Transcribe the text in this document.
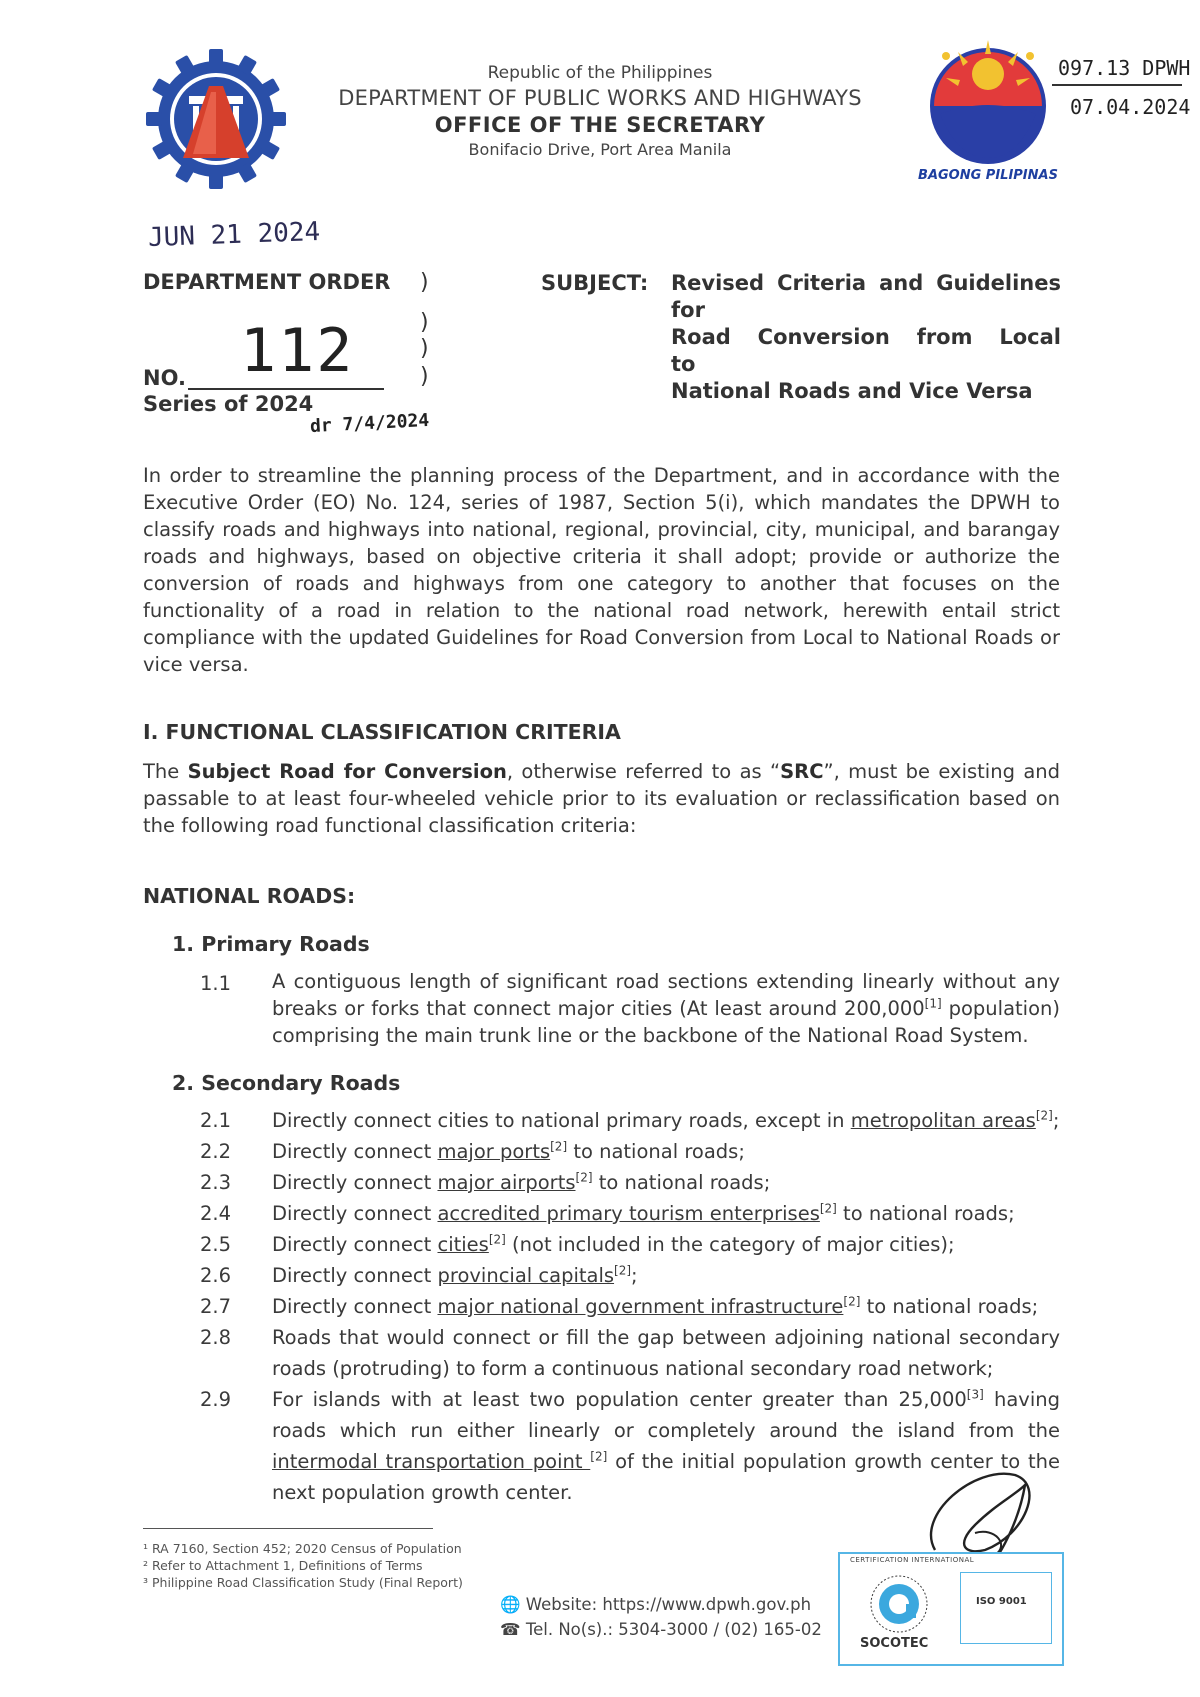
Republic of the Philippines
DEPARTMENT OF PUBLIC WORKS AND HIGHWAYS
OFFICE OF THE SECRETARY
Bonifacio Drive, Port Area Manila
BAGONG PILIPINAS
097.13 DPWH
07.04.2024
JUN 21 2024
DEPARTMENT ORDER )
)
)
)
NO. 112
Series of 2024
dr 7/4/2024
SUBJECT: Revised Criteria and Guidelines for
Road Conversion from Local to
National Roads and Vice Versa
In order to streamline the planning process of the Department, and in accordance with the Executive Order (EO) No. 124, series of 1987, Section 5(i), which mandates the DPWH to classify roads and highways into national, regional, provincial, city, municipal, and barangay roads and highways, based on objective criteria it shall adopt; provide or authorize the conversion of roads and highways from one category to another that focuses on the functionality of a road in relation to the national road network, herewith entail strict compliance with the updated Guidelines for Road Conversion from Local to National Roads or vice versa.
I. FUNCTIONAL CLASSIFICATION CRITERIA
The Subject Road for Conversion, otherwise referred to as “SRC”, must be existing and passable to at least four-wheeled vehicle prior to its evaluation or reclassification based on the following road functional classification criteria:
NATIONAL ROADS:
1. Primary Roads
1.1	A contiguous length of significant road sections extending linearly without any breaks or forks that connect major cities (At least around 200,000[1] population) comprising the main trunk line or the backbone of the National Road System.
2. Secondary Roads
2.1	Directly connect cities to national primary roads, except in metropolitan areas[2];
2.2	Directly connect major ports[2] to national roads;
2.3	Directly connect major airports[2] to national roads;
2.4	Directly connect accredited primary tourism enterprises[2] to national roads;
2.5	Directly connect cities[2] (not included in the category of major cities);
2.6	Directly connect provincial capitals[2];
2.7	Directly connect major national government infrastructure[2] to national roads;
2.8	Roads that would connect or fill the gap between adjoining national secondary roads (protruding) to form a continuous national secondary road network;
2.9	For islands with at least two population center greater than 25,000[3] having roads which run either linearly or completely around the island from the intermodal transportation point [2] of the initial population growth center to the next population growth center.
¹ RA 7160, Section 452; 2020 Census of Population
² Refer to Attachment 1, Definitions of Terms
³ Philippine Road Classification Study (Final Report)
🌐 Website: https://www.dpwh.gov.ph
☎ Tel. No(s).: 5304-3000 / (02) 165-02
CERTIFICATION INTERNATIONAL
SOCOTEC
ISO 9001
